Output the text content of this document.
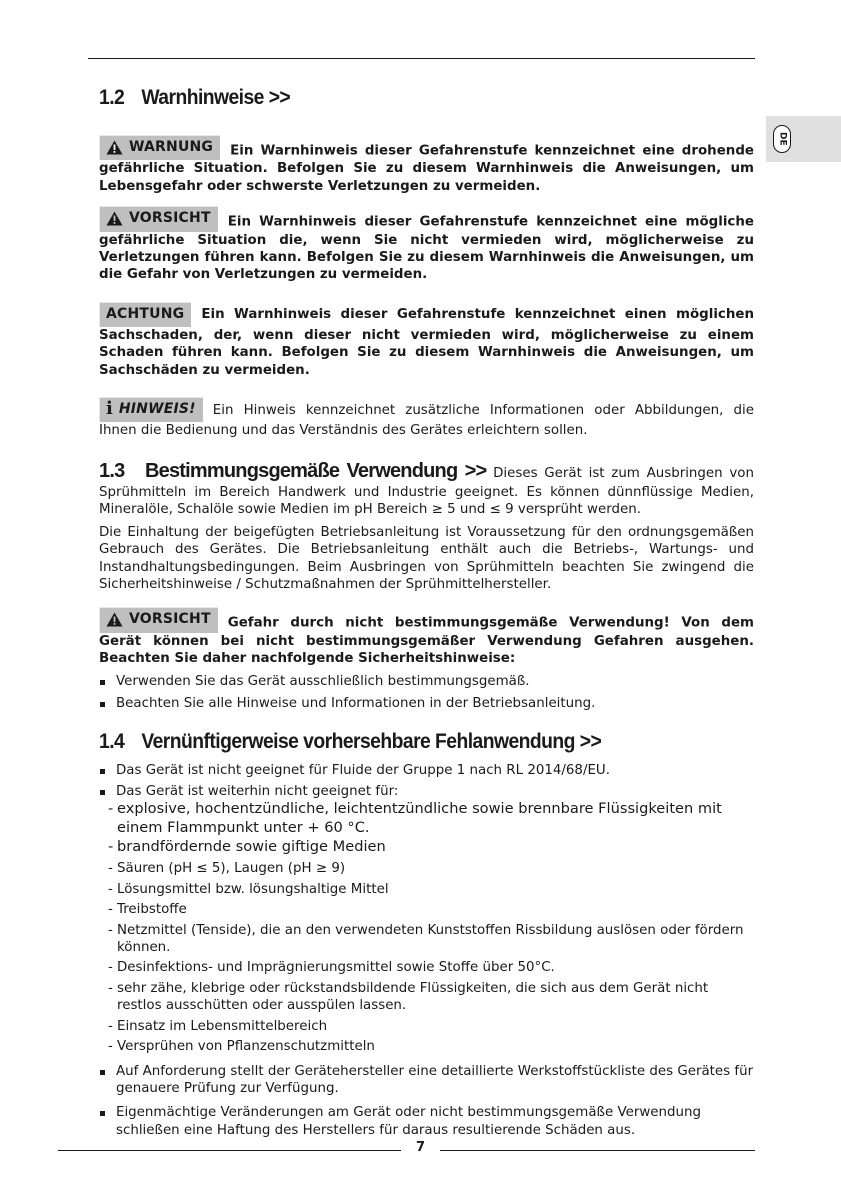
DE
1.2 Warnhinweise >>

WARNUNG Ein Warnhinweis dieser Gefahrenstufe kennzeichnet eine drohende gefährliche Situation. Befolgen Sie zu diesem Warnhinweis die Anweisungen, um Lebensgefahr oder schwerste Verletzungen zu vermeiden.

VORSICHT Ein Warnhinweis dieser Gefahrenstufe kennzeichnet eine mögliche gefährliche Situation die, wenn Sie nicht vermieden wird, möglicherweise zu Verletzungen führen kann. Befolgen Sie zu diesem Warnhinweis die Anweisungen, um die Gefahr von Verletzungen zu vermeiden.

ACHTUNG Ein Warnhinweis dieser Gefahrenstufe kennzeichnet einen möglichen Sachschaden, der, wenn dieser nicht vermieden wird, möglicherweise zu einem Schaden führen kann. Befolgen Sie zu diesem Warnhinweis die Anweisungen, um Sachschäden zu vermeiden.

i HINWEIS! Ein Hinweis kennzeichnet zusätzliche Informationen oder Abbildungen, die Ihnen die Bedienung und das Verständnis des Gerätes erleichtern sollen.

1.3 Bestimmungsgemäße Verwendung >> Dieses Gerät ist zum Ausbringen von Sprühmitteln im Bereich Handwerk und Industrie geeignet. Es können dünnflüssige Medien, Mineralöle, Schalöle sowie Medien im pH Bereich ≥ 5 und ≤ 9 versprüht werden.

Die Einhaltung der beigefügten Betriebsanleitung ist Voraussetzung für den ordnungsgemäßen Gebrauch des Gerätes. Die Betriebsanleitung enthält auch die Betriebs-, Wartungs- und Instandhaltungsbedingungen. Beim Ausbringen von Sprühmitteln beachten Sie zwingend die Sicherheitshinweise / Schutzmaßnahmen der Sprühmittelhersteller.

VORSICHT Gefahr durch nicht bestimmungsgemäße Verwendung! Von dem Gerät können bei nicht bestimmungsgemäßer Verwendung Gefahren ausgehen. Beachten Sie daher nachfolgende Sicherheitshinweise:

Verwenden Sie das Gerät ausschließlich bestimmungsgemäß.
Beachten Sie alle Hinweise und Informationen in der Betriebsanleitung.
1.4 Vernünftigerweise vorhersehbare Fehlanwendung >>
Das Gerät ist nicht geeignet für Fluide der Gruppe 1 nach RL 2014/68/EU.
Das Gerät ist weiterhin nicht geeignet für:
- explosive, hochentzündliche, leichtentzündliche sowie brennbare Flüssigkeiten mit einem Flammpunkt unter + 60 °C.
- brandfördernde sowie giftige Medien
- Säuren (pH ≤ 5), Laugen (pH ≥ 9)
- Lösungsmittel bzw. lösungshaltige Mittel
- Treibstoffe
- Netzmittel (Tenside), die an den verwendeten Kunststoffen Rissbildung auslösen oder fördern können.
- Desinfektions- und Imprägnierungsmittel sowie Stoffe über 50°C.
- sehr zähe, klebrige oder rückstandsbildende Flüssigkeiten, die sich aus dem Gerät nicht restlos ausschütten oder ausspülen lassen.
- Einsatz im Lebensmittelbereich
- Versprühen von Pflanzenschutzmitteln
Auf Anforderung stellt der Gerätehersteller eine detaillierte Werkstoffstückliste des Gerätes für genauere Prüfung zur Verfügung.
Eigenmächtige Veränderungen am Gerät oder nicht bestimmungsgemäße Verwendung schließen eine Haftung des Herstellers für daraus resultierende Schäden aus.
7
